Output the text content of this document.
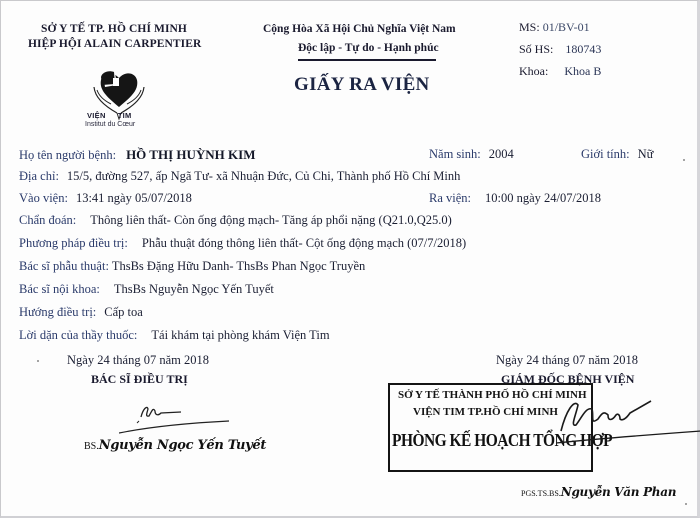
SỞ Y TẾ TP. HỒ CHÍ MINH
HIỆP HỘI ALAIN CARPENTIER
VIỆN TIM
Institut du Cœur
Cộng Hòa Xã Hội Chủ Nghĩa Việt Nam
Độc lập - Tự do - Hạnh phúc
GIẤY RA VIỆN
MS: 01/BV-01
Số HS: 180743
Khoa: Khoa B
Họ tên người bệnh: HỒ THỊ HUỲNH KIM	Năm sinh: 2004	Giới tính: Nữ
Địa chỉ: 15/5, đường 527, ấp Ngã Tư- xã Nhuận Đức, Củ Chi, Thành phố Hồ Chí Minh
Vào viện: 13:41 ngày 05/07/2018	Ra viện: 10:00 ngày 24/07/2018
Chẩn đoán: Thông liên thất- Còn ống động mạch- Tăng áp phổi nặng (Q21.0,Q25.0)
Phương pháp điều trị: Phẫu thuật đóng thông liên thất- Cột ống động mạch (07/7/2018)
Bác sĩ phẫu thuật: ThsBs Đặng Hữu Danh- ThsBs Phan Ngọc Truyền
Bác sĩ nội khoa: ThsBs Nguyễn Ngọc Yến Tuyết
Hướng điều trị: Cấp toa
Lời dặn của thầy thuốc: Tái khám tại phòng khám Viện Tim
Ngày 24 tháng 07 năm 2018
BÁC SĨ ĐIỀU TRỊ
BS.Nguyễn Ngọc Yến Tuyết
Ngày 24 tháng 07 năm 2018
GIÁM ĐỐC BỆNH VIỆN
SỞ Y TẾ THÀNH PHỐ HỒ CHÍ MINH
VIỆN TIM TP.HỒ CHÍ MINH
PHÒNG KẾ HOẠCH TỔNG HỢP
PGS.TS.BS.Nguyễn Văn Phan
